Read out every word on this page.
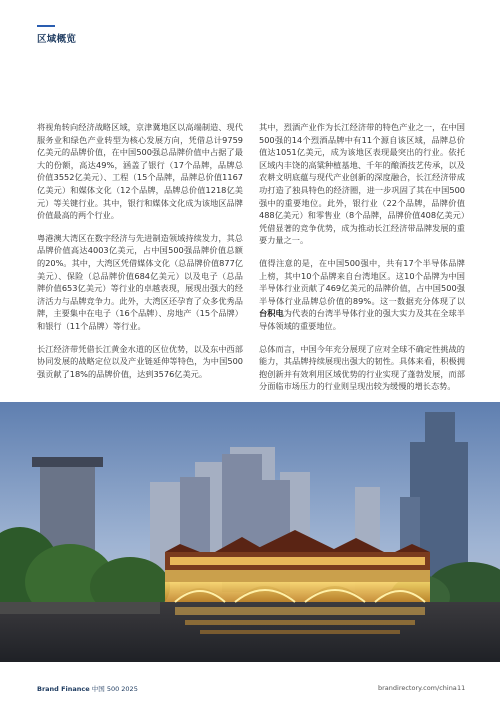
区域概览

将视角转向经济战略区域，京津冀地区以高端制造、现代服务业和绿色产业转型为核心发展方向，凭借总计9759亿美元的品牌价值，在中国500强总品牌价值中占据了最大的份额，高达49%，涵盖了银行（17个品牌，品牌总价值3552亿美元）、工程（15个品牌，品牌总价值1167亿美元）和媒体文化（12个品牌，品牌总价值1218亿美元）等关键行业。其中，银行和媒体文化成为该地区品牌价值最高的两个行业。

粤港澳大湾区在数字经济与先进制造领域持续发力，其总品牌价值高达4003亿美元，占中国500强品牌价值总额的20%。其中，大湾区凭借媒体文化（总品牌价值877亿美元）、保险（总品牌价值684亿美元）以及电子（总品牌价值653亿美元）等行业的卓越表现，展现出强大的经济活力与品牌竞争力。此外，大湾区还孕育了众多优秀品牌，主要集中在电子（16个品牌）、房地产（15个品牌）和银行（11个品牌）等行业。

长江经济带凭借长江黄金水道的区位优势，以及东中西部协同发展的战略定位以及产业链延伸等特色，为中国500强贡献了18%的品牌价值，达到3576亿美元。

其中，烈酒产业作为长江经济带的特色产业之一，在中国500强的14个烈酒品牌中有11个源自该区域，品牌总价值达1051亿美元，成为该地区表现最突出的行业。依托区域内丰饶的高粱种植基地、千年的酿酒技艺传承，以及农耕文明底蕴与现代产业创新的深度融合，长江经济带成功打造了独具特色的经济圈，进一步巩固了其在中国500强中的重要地位。此外，银行业（22个品牌，品牌价值488亿美元）和零售业（8个品牌，品牌价值408亿美元）凭借显著的竞争优势，成为推动长江经济带品牌发展的重要力量之一。

值得注意的是，在中国500强中，共有17个半导体品牌上榜，其中10个品牌来自台湾地区。这10个品牌为中国半导体行业贡献了469亿美元的品牌价值，占中国500强半导体行业品牌总价值的89%。这一数据充分体现了以台积电为代表的台湾半导体行业的强大实力及其在全球半导体领域的重要地位。

总体而言，中国今年充分展现了应对全球不确定性挑战的能力，其品牌持续展现出强大的韧性。具体来看，积极拥抱创新并有效利用区域优势的行业实现了蓬勃发展，而部分面临市场压力的行业则呈现出较为缓慢的增长态势。

Brand Finance 中国 500 2025	brandirectory.com/china 11
